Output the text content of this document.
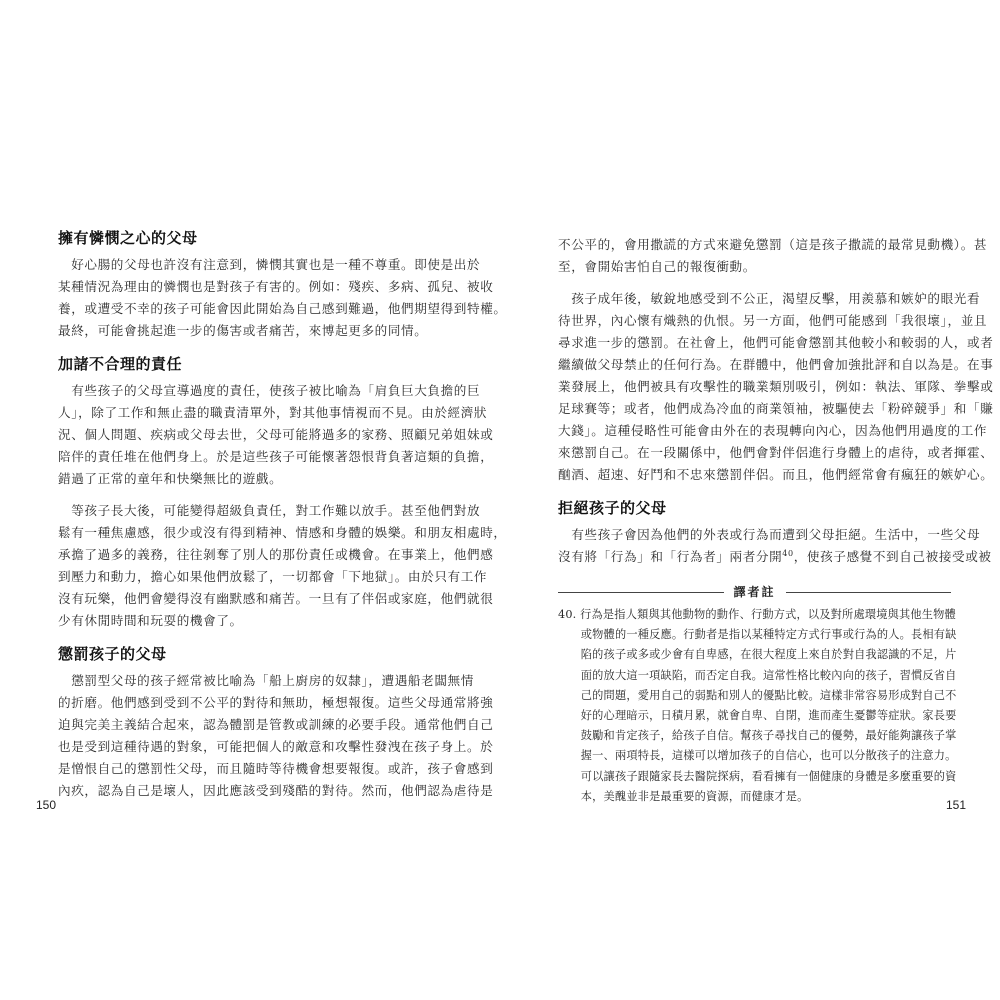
擁有憐憫之心的父母

　好心腸的父母也許沒有注意到，憐憫其實也是一種不尊重。即使是出於
某種情況為理由的憐憫也是對孩子有害的。例如：殘疾、多病、孤兒、被收
養，或遭受不幸的孩子可能會因此開始為自己感到難過，他們期望得到特權。
最終，可能會挑起進一步的傷害或者痛苦，來博起更多的同情。

加諸不合理的責任

　有些孩子的父母宣導過度的責任，使孩子被比喻為「肩負巨大負擔的巨
人」，除了工作和無止盡的職責清單外，對其他事情視而不見。由於經濟狀
況、個人問題、疾病或父母去世，父母可能將過多的家務、照顧兄弟姐妹或
陪伴的責任堆在他們身上。於是這些孩子可能懷著怨恨背負著這類的負擔，
錯過了正常的童年和快樂無比的遊戲。

　等孩子長大後，可能變得超級負責任，對工作難以放手。甚至他們對放
鬆有一種焦慮感，很少或沒有得到精神、情感和身體的娛樂。和朋友相處時，
承擔了過多的義務，往往剝奪了別人的那份責任或機會。在事業上，他們感
到壓力和動力，擔心如果他們放鬆了，一切都會「下地獄」。由於只有工作
沒有玩樂，他們會變得沒有幽默感和痛苦。一旦有了伴侶或家庭，他們就很
少有休閒時間和玩耍的機會了。

懲罰孩子的父母

　懲罰型父母的孩子經常被比喻為「船上廚房的奴隸」，遭遇船老闆無情
的折磨。他們感到受到不公平的對待和無助，極想報復。這些父母通常將強
迫與完美主義結合起來，認為體罰是管教或訓練的必要手段。通常他們自己
也是受到這種待遇的對象，可能把個人的敵意和攻擊性發洩在孩子身上。於
是憎恨自己的懲罰性父母，而且隨時等待機會想要報復。或許，孩子會感到
內疚，認為自己是壞人，因此應該受到殘酷的對待。然而，他們認為虐待是

150

不公平的，會用撒謊的方式來避免懲罰（這是孩子撒謊的最常見動機）。甚
至，會開始害怕自己的報復衝動。

　孩子成年後，敏銳地感受到不公正，渴望反擊，用羨慕和嫉妒的眼光看
待世界，內心懷有熾熱的仇恨。另一方面，他們可能感到「我很壞」，並且
尋求進一步的懲罰。在社會上，他們可能會懲罰其他較小和較弱的人，或者
繼續做父母禁止的任何行為。在群體中，他們會加強批評和自以為是。在事
業發展上，他們被具有攻擊性的職業類別吸引，例如：執法、軍隊、拳擊或
足球賽等；或者，他們成為冷血的商業領袖，被驅使去「粉碎競爭」和「賺
大錢」。這種侵略性可能會由外在的表現轉向內心，因為他們用過度的工作
來懲罰自己。在一段關係中，他們會對伴侶進行身體上的虐待，或者揮霍、
酗酒、超速、好鬥和不忠來懲罰伴侶。而且，他們經常會有瘋狂的嫉妒心。

拒絕孩子的父母

　有些孩子會因為他們的外表或行為而遭到父母拒絕。生活中，一些父母
沒有將「行為」和「行為者」兩者分開$^{40}$，使孩子感覺不到自己被接受或被

譯者註
40. 行為是指人類與其他動物的動作、行動方式，以及對所處環境與其他生物體
　　或物體的一種反應。行動者是指以某種特定方式行事或行為的人。長相有缺
　　陷的孩子或多或少會有自卑感，在很大程度上來自於對自我認識的不足，片
　　面的放大這一項缺陷，而否定自我。這常性格比較內向的孩子，習慣反省自
　　己的問題，愛用自己的弱點和別人的優點比較。這樣非常容易形成對自己不
　　好的心理暗示，日積月累，就會自卑、自閉，進而產生憂鬱等症狀。家長要
　　鼓勵和肯定孩子，給孩子自信。幫孩子尋找自己的優勢，最好能夠讓孩子掌
　　握一、兩項特長，這樣可以增加孩子的自信心，也可以分散孩子的注意力。
　　可以讓孩子跟隨家長去醫院探病，看看擁有一個健康的身體是多麼重要的資
　　本，美醜並非是最重要的資源，而健康才是。
151
